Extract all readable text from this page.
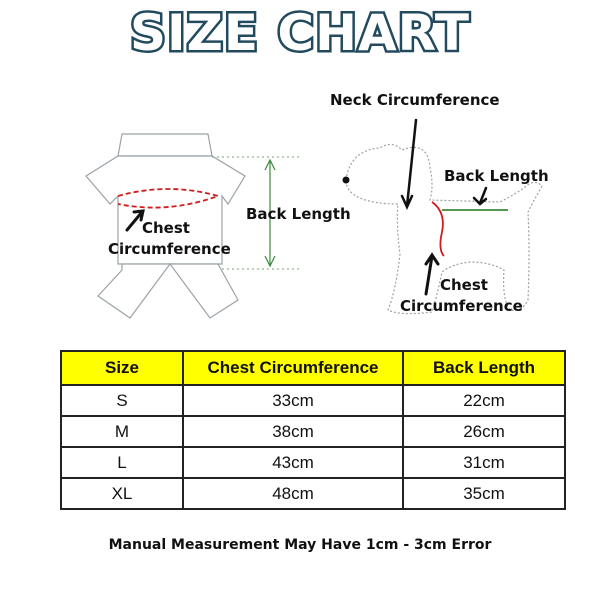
SIZE CHART
Back Length
Chest
Circumference
Neck Circumference
Back Length
Chest
Circumference
Size	Chest Circumference	Back Length
S	33cm	22cm
M	38cm	26cm
L	43cm	31cm
XL	48cm	35cm
Manual Measurement May Have 1cm - 3cm Error
